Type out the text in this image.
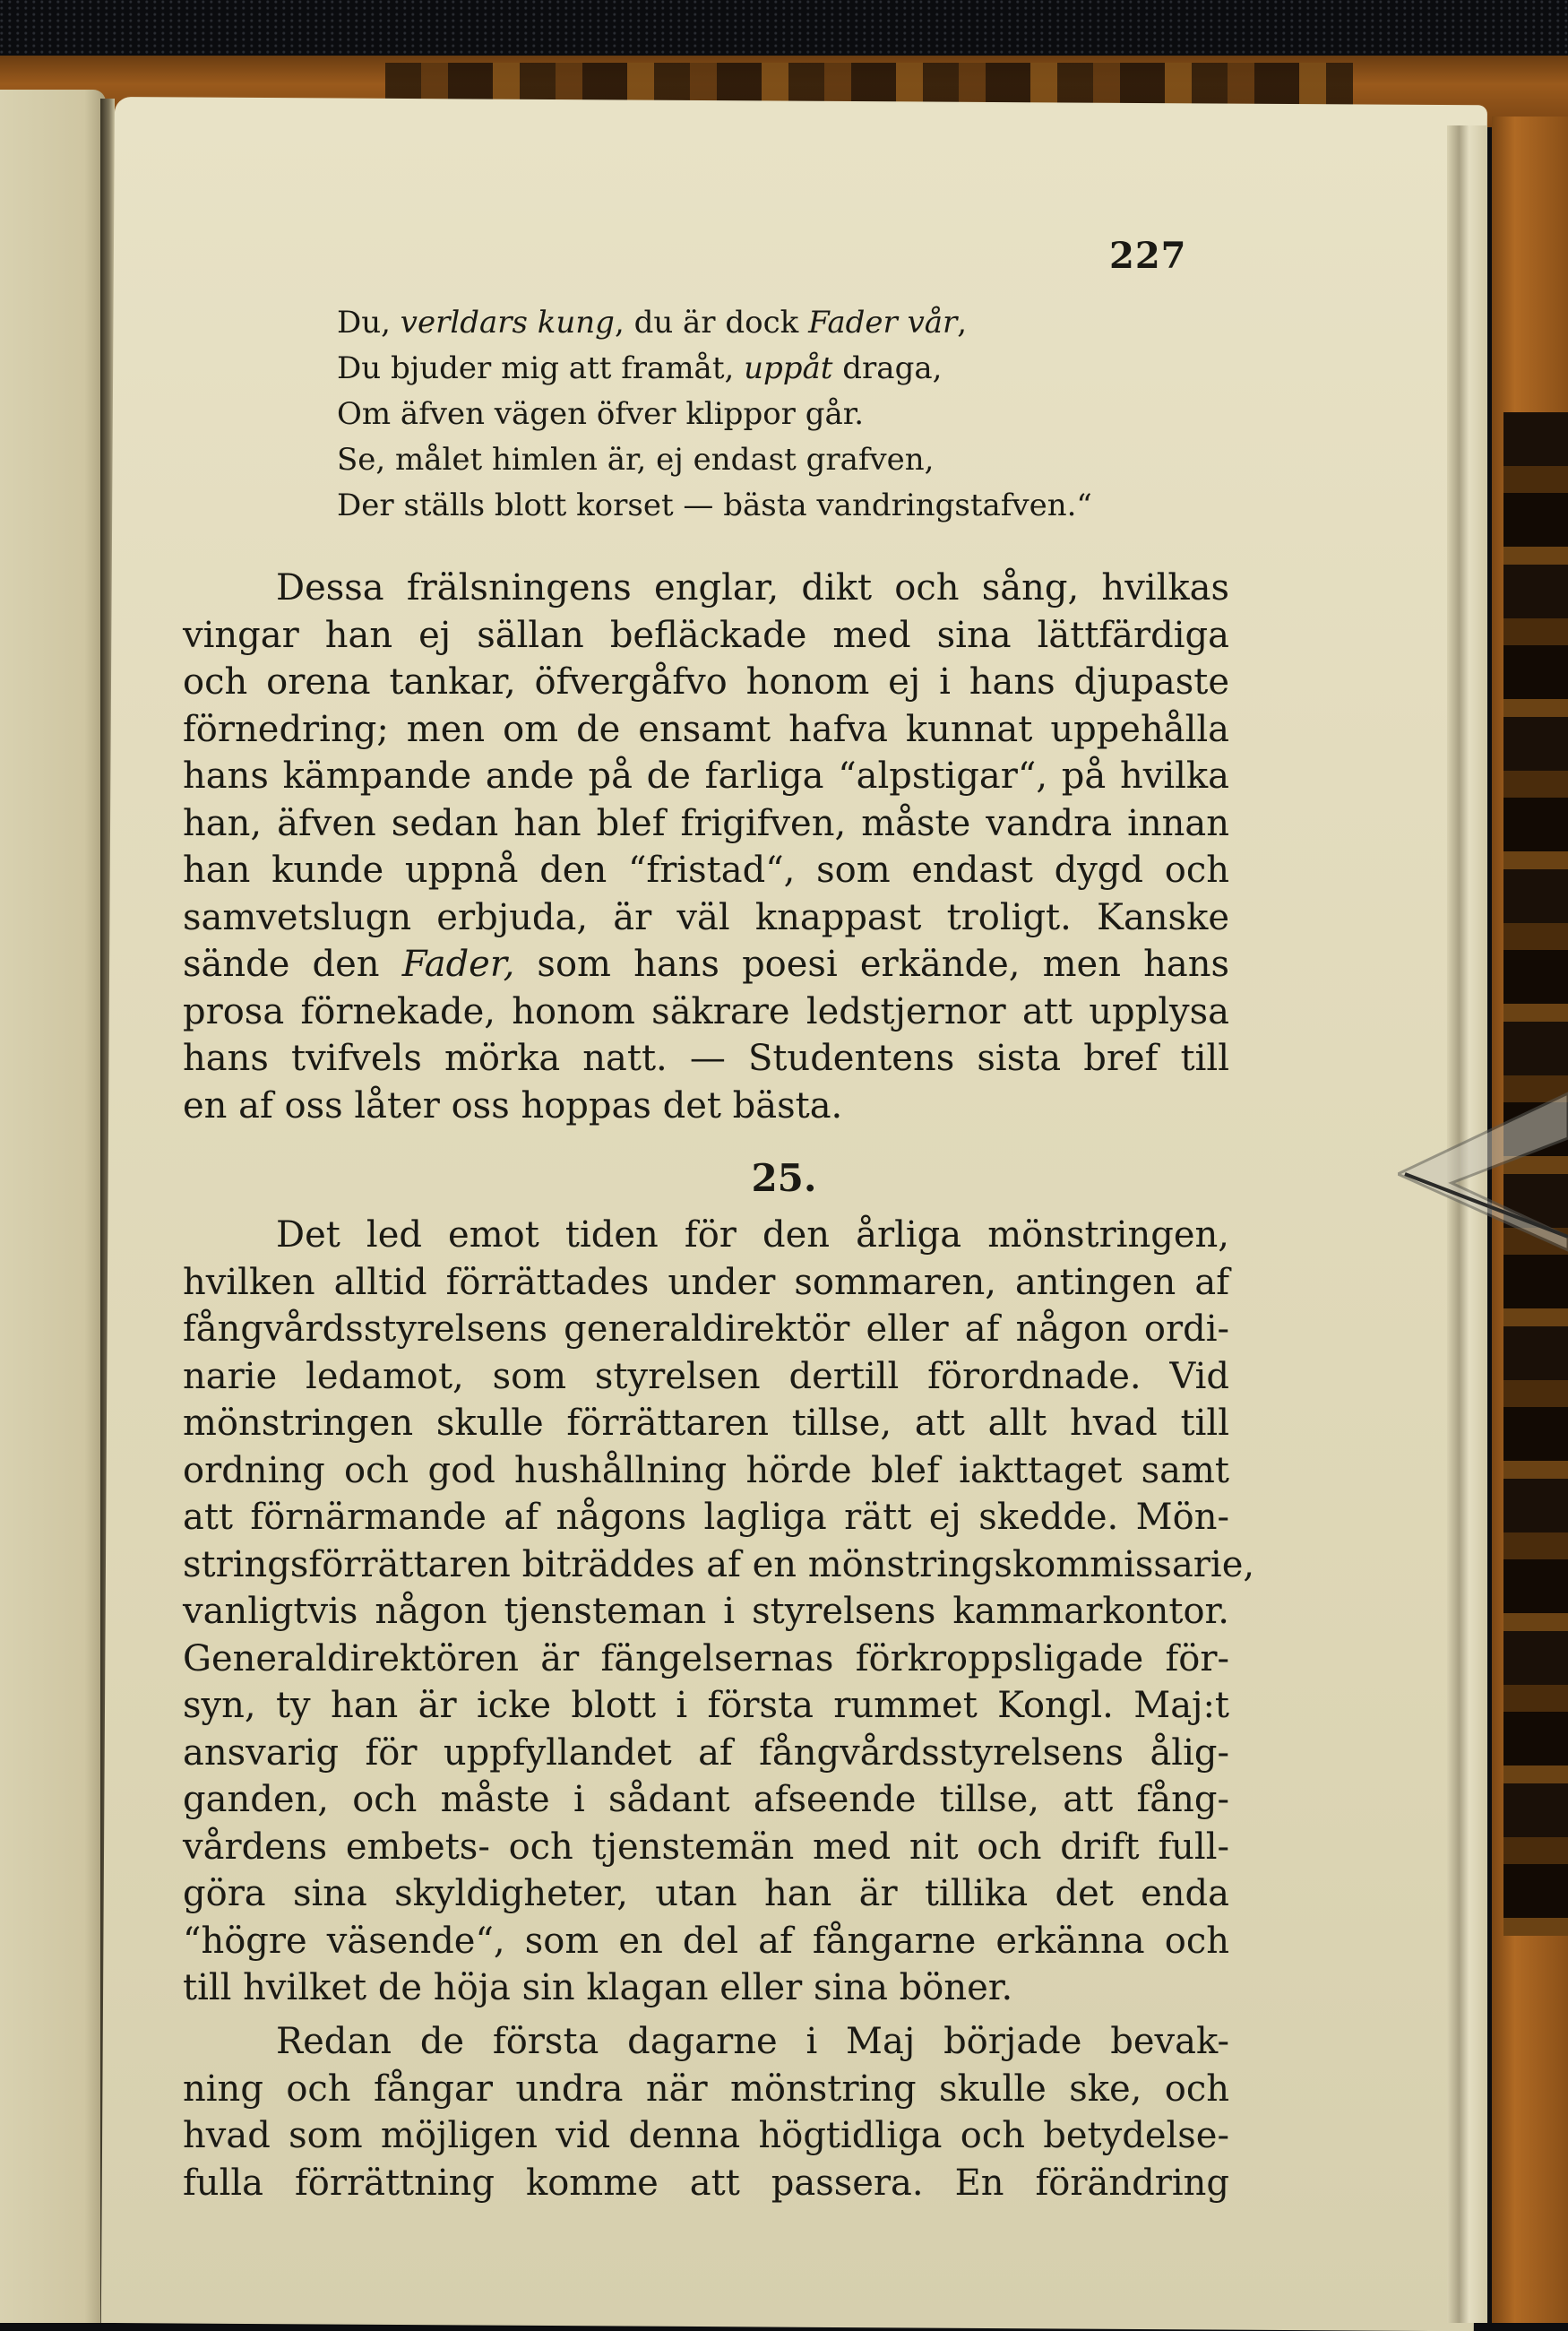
227
Du, verldars kung, du är dock Fader vår,
Du bjuder mig att framåt, uppåt draga,
Om äfven vägen öfver klippor går.
Se, målet himlen är, ej endast grafven,
Der ställs blott korset — bästa vandringstafven.“
Dessa frälsningens englar, dikt och sång, hvilkas
vingar han ej sällan befläckade med sina lättfärdiga
och orena tankar, öfvergåfvo honom ej i hans djupaste
förnedring; men om de ensamt hafva kunnat uppehålla
hans kämpande ande på de farliga “alpstigar“, på hvilka
han, äfven sedan han blef frigifven, måste vandra innan
han kunde uppnå den “fristad“, som endast dygd och
samvetslugn erbjuda, är väl knappast troligt. Kanske
sände den Fader, som hans poesi erkände, men hans
prosa förnekade, honom säkrare ledstjernor att upplysa
hans tvifvels mörka natt. — Studentens sista bref till
en af oss låter oss hoppas det bästa.
25.
Det led emot tiden för den årliga mönstringen,
hvilken alltid förrättades under sommaren, antingen af
fångvårdsstyrelsens generaldirektör eller af någon ordi-
narie ledamot, som styrelsen dertill förordnade. Vid
mönstringen skulle förrättaren tillse, att allt hvad till
ordning och god hushållning hörde blef iakttaget samt
att förnärmande af någons lagliga rätt ej skedde. Mön-
stringsförrättaren biträddes af en mönstringskommissarie,
vanligtvis någon tjensteman i styrelsens kammarkontor.
Generaldirektören är fängelsernas förkroppsligade för-
syn, ty han är icke blott i första rummet Kongl. Maj:t
ansvarig för uppfyllandet af fångvårdsstyrelsens ålig-
ganden, och måste i sådant afseende tillse, att fång-
vårdens embets- och tjenstemän med nit och drift full-
göra sina skyldigheter, utan han är tillika det enda
“högre väsende“, som en del af fångarne erkänna och
till hvilket de höja sin klagan eller sina böner.
Redan de första dagarne i Maj började bevak-
ning och fångar undra när mönstring skulle ske, och
hvad som möjligen vid denna högtidliga och betydelse-
fulla förrättning komme att passera. En förändring
